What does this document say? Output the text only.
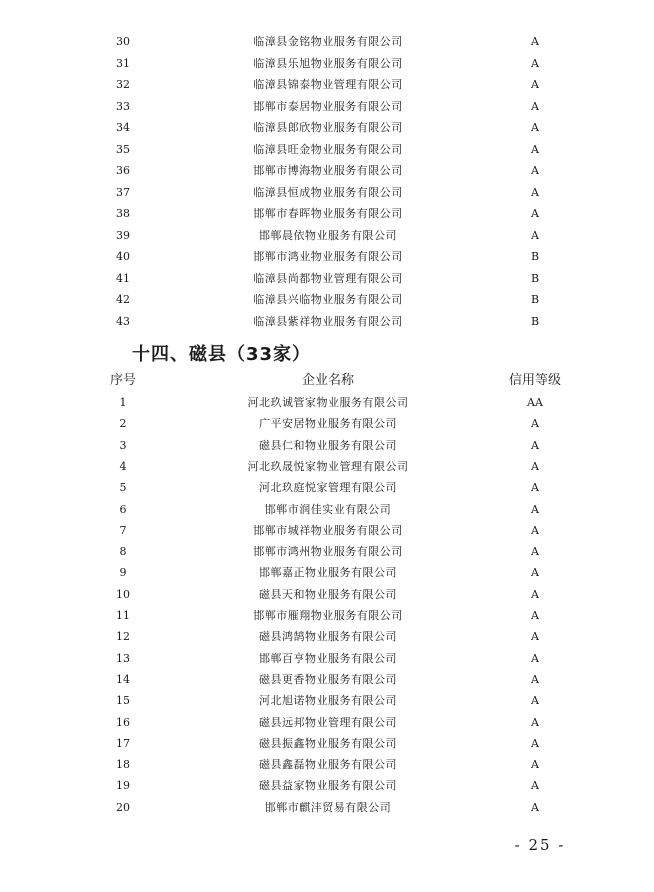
30	临漳县金铭物业服务有限公司	A
31	临漳县乐旭物业服务有限公司	A
32	临漳县锦泰物业管理有限公司	A
33	邯郸市泰居物业服务有限公司	A
34	临漳县郎欣物业服务有限公司	A
35	临漳县旺金物业服务有限公司	A
36	邯郸市博海物业服务有限公司	A
37	临漳县恒成物业服务有限公司	A
38	邯郸市春晖物业服务有限公司	A
39	邯郸晨依物业服务有限公司	A
40	邯郸市鸿业物业服务有限公司	B
41	临漳县尚都物业管理有限公司	B
42	临漳县兴临物业服务有限公司	B
43	临漳县紫祥物业服务有限公司	B
十四、磁县（33家）
序号	企业名称	信用等级
1	河北玖诚管家物业服务有限公司	AA
2	广平安居物业服务有限公司	A
3	磁县仁和物业服务有限公司	A
4	河北玖晟悦家物业管理有限公司	A
5	河北玖庭悦家管理有限公司	A
6	邯郸市润佳实业有限公司	A
7	邯郸市城祥物业服务有限公司	A
8	邯郸市鸿州物业服务有限公司	A
9	邯郸嘉正物业服务有限公司	A
10	磁县天和物业服务有限公司	A
11	邯郸市雁翔物业服务有限公司	A
12	磁县鸿鹄物业服务有限公司	A
13	邯郸百亨物业服务有限公司	A
14	磁县更香物业服务有限公司	A
15	河北旭诺物业服务有限公司	A
16	磁县远邦物业管理有限公司	A
17	磁县振鑫物业服务有限公司	A
18	磁县鑫磊物业服务有限公司	A
19	磁县益家物业服务有限公司	A
20	邯郸市麒沣贸易有限公司	A
- 25 -
